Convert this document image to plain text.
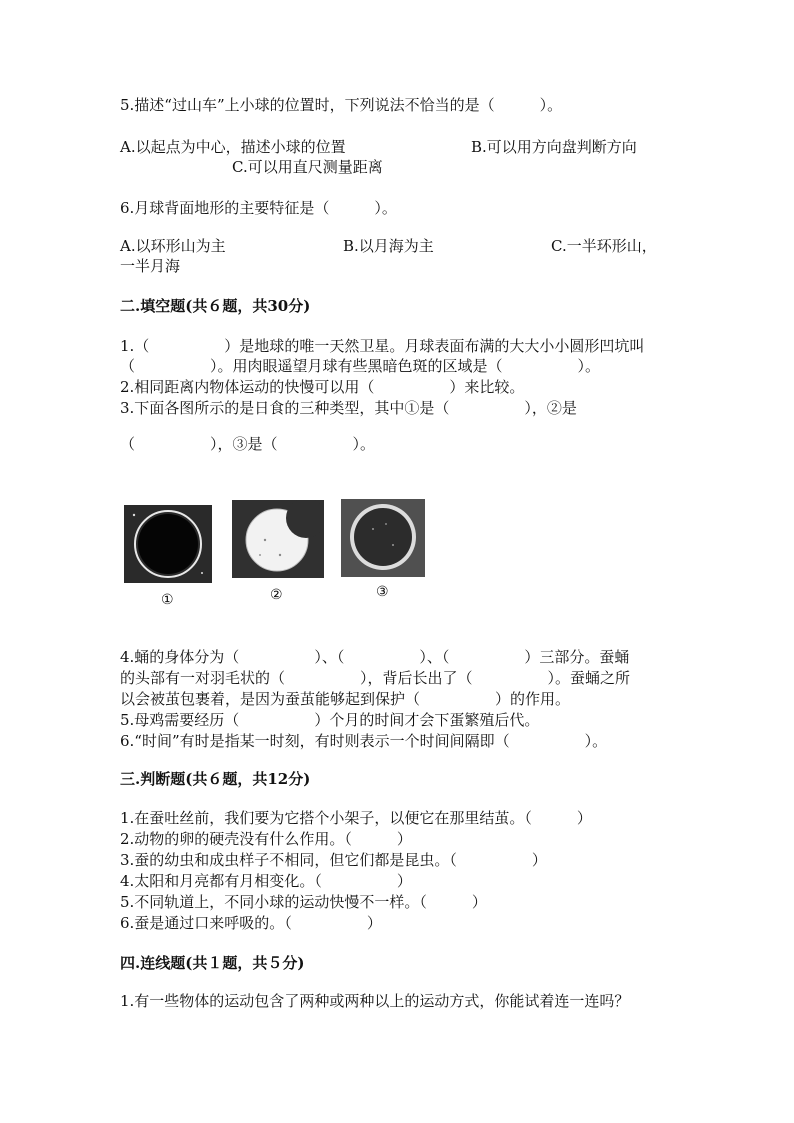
5.描述“过山车”上小球的位置时，下列说法不恰当的是（　　　）。
A.以起点为中心，描述小球的位置	B.可以用方向盘判断方向
C.可以用直尺测量距离
6.月球背面地形的主要特征是（　　　）。
A.以环形山为主	B.以月海为主	C.一半环形山，
一半月海
二.填空题(共６题，共30分)
1.（　　　　　）是地球的唯一天然卫星。月球表面布满的大大小小圆形凹坑叫
（　　　　　）。用肉眼遥望月球有些黑暗色斑的区域是（　　　　　）。
2.相同距离内物体运动的快慢可以用（　　　　　）来比较。
3.下面各图所示的是日食的三种类型，其中①是（　　　　　），②是
（　　　　　），③是（　　　　　）。
①	②	③
4.蛹的身体分为（　　　　　）、（　　　　　）、（　　　　　）三部分。蚕蛹
的头部有一对羽毛状的（　　　　　），背后长出了（　　　　　）。蚕蛹之所
以会被茧包裹着，是因为蚕茧能够起到保护（　　　　　）的作用。
5.母鸡需要经历（　　　　　）个月的时间才会下蛋繁殖后代。
6.“时间”有时是指某一时刻，有时则表示一个时间间隔即（　　　　　）。
三.判断题(共６题，共12分)
1.在蚕吐丝前，我们要为它搭个小架子，以便它在那里结茧。（　　　）
2.动物的卵的硬壳没有什么作用。（　　　）
3.蚕的幼虫和成虫样子不相同，但它们都是昆虫。（　　　　　）
4.太阳和月亮都有月相变化。（　　　　　）
5.不同轨道上，不同小球的运动快慢不一样。（　　　）
6.蚕是通过口来呼吸的。（　　　　　）
四.连线题(共１题，共５分)
1.有一些物体的运动包含了两种或两种以上的运动方式，你能试着连一连吗？
